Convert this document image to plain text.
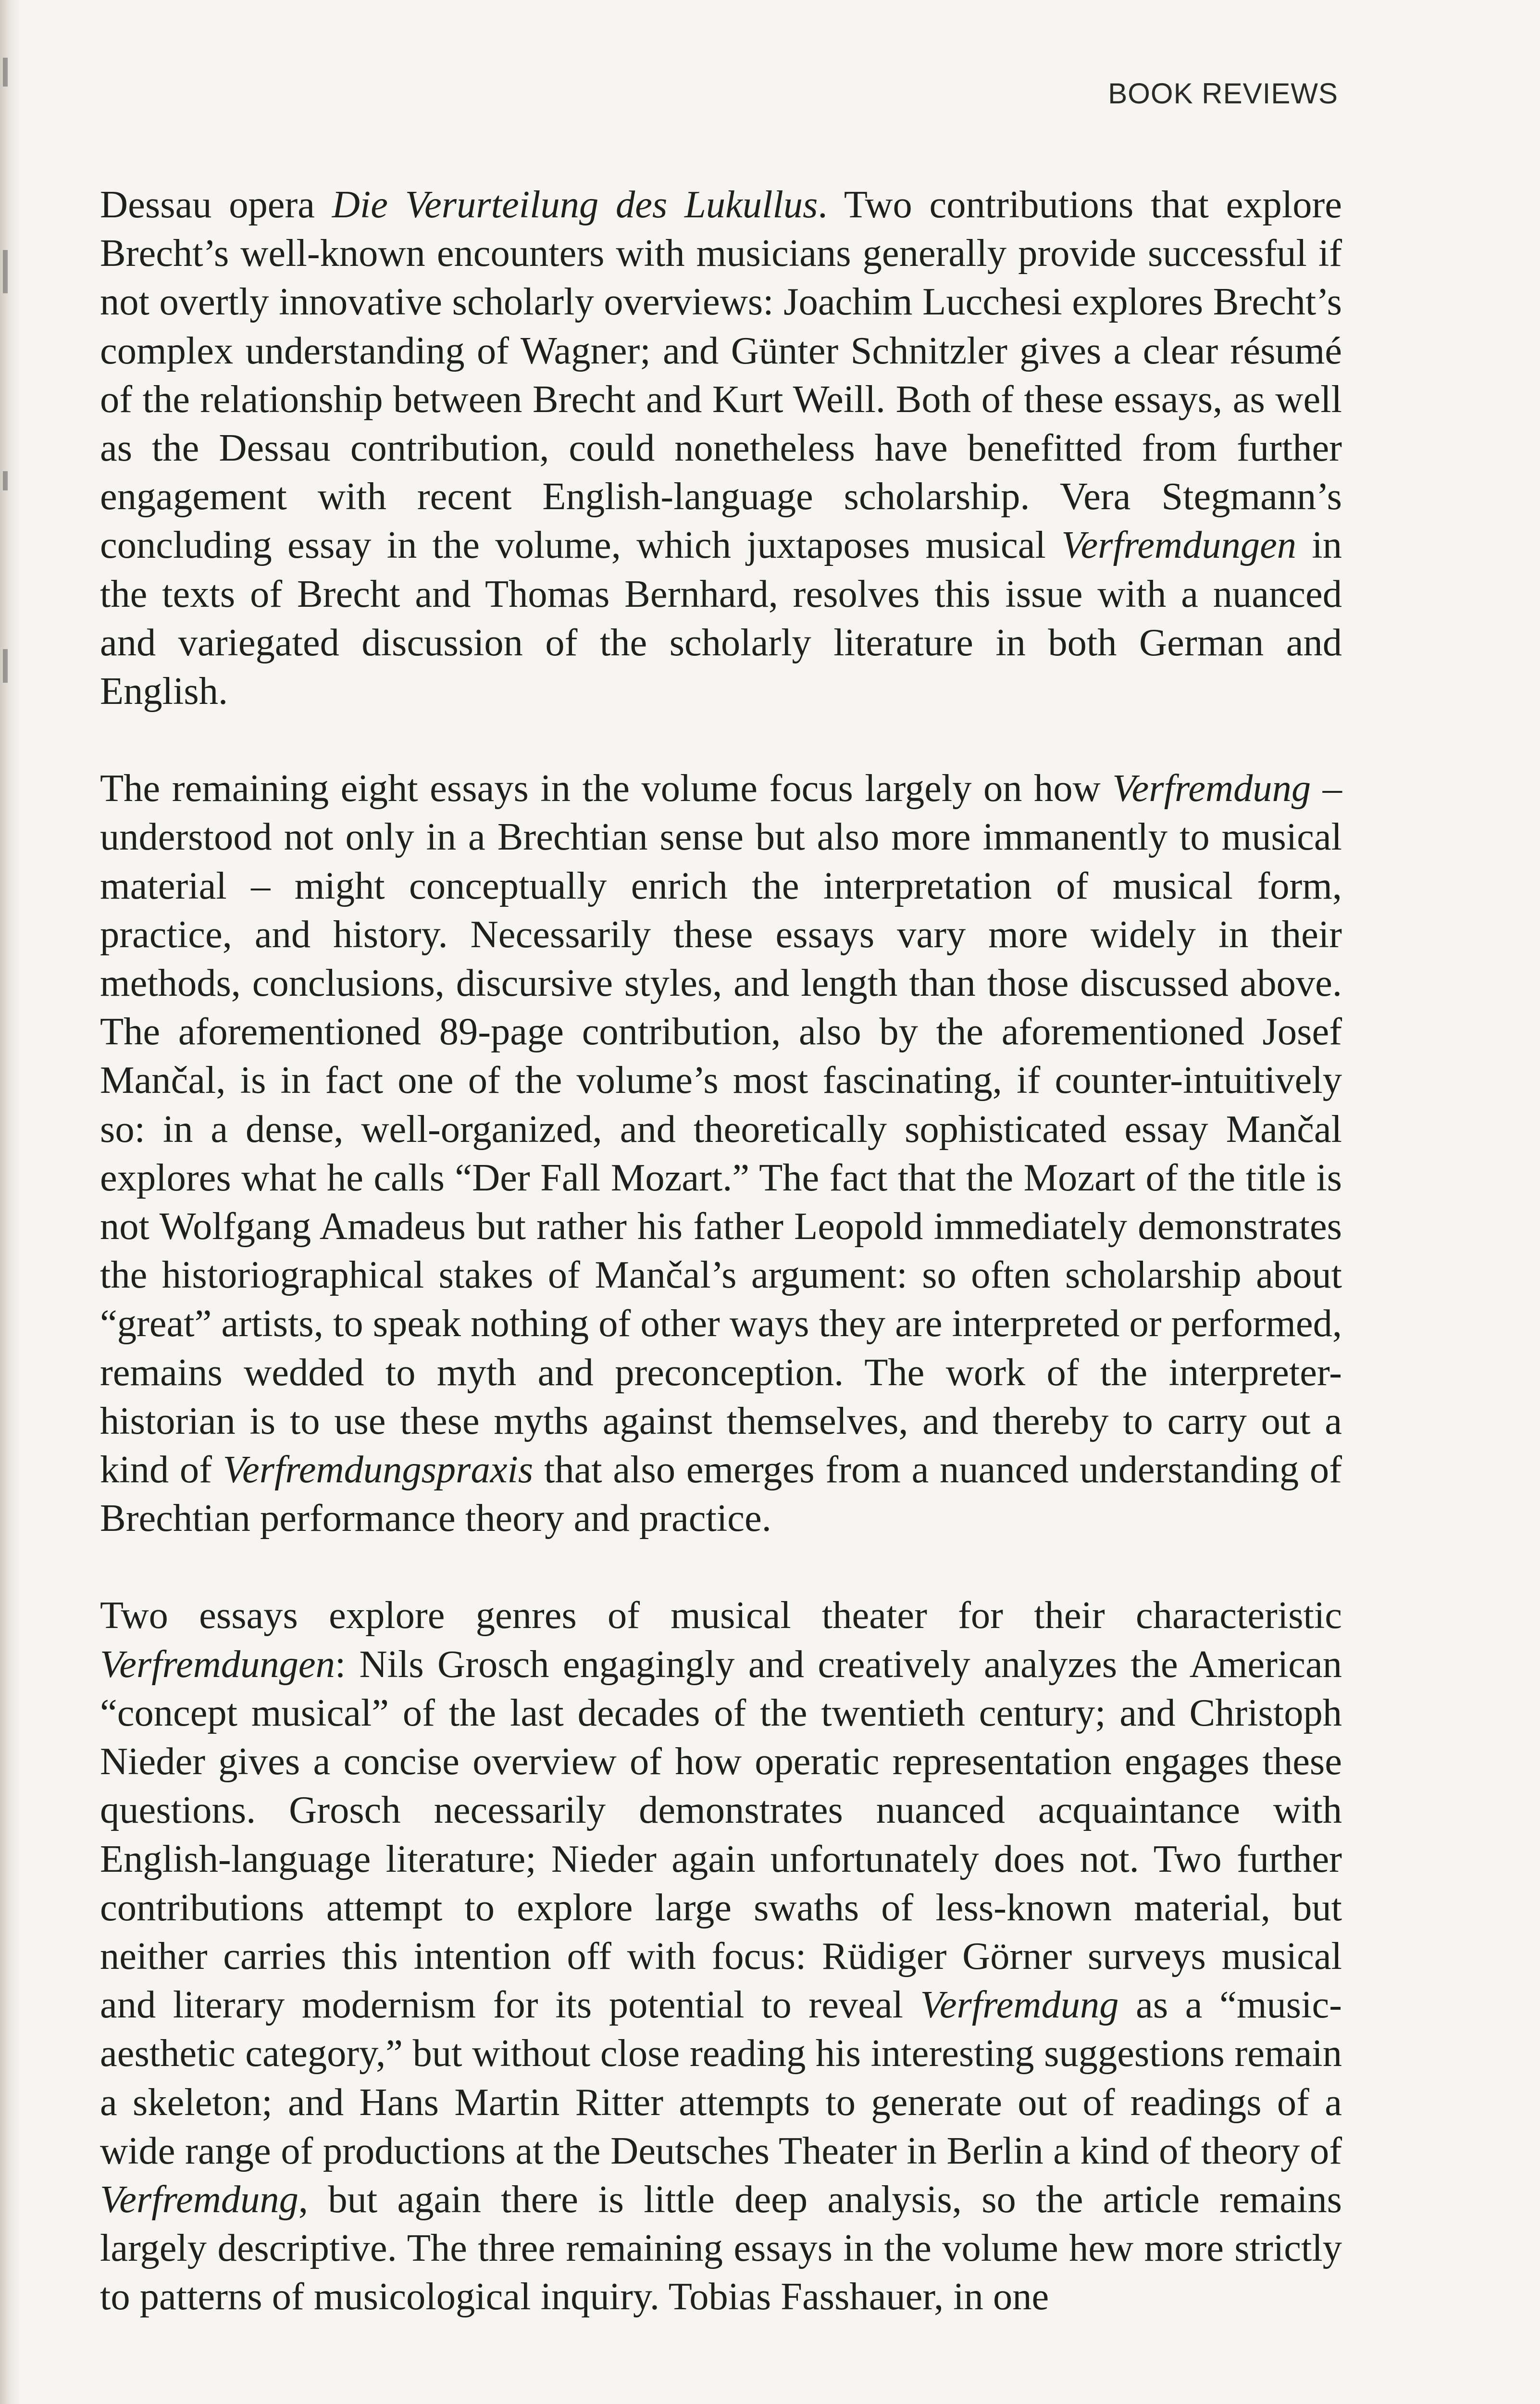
BOOK REVIEWS

Dessau opera Die Verurteilung des Lukullus. Two contributions that explore Brecht’s well-known encounters with musicians generally provide successful if not overtly innovative scholarly overviews: Joachim Lucchesi explores Brecht’s complex understanding of Wagner; and Günter Schnitzler gives a clear résumé of the relationship between Brecht and Kurt Weill. Both of these essays, as well as the Dessau contribution, could nonetheless have benefitted from further engagement with recent English-language scholarship. Vera Stegmann’s concluding essay in the volume, which juxtaposes musical Verfremdungen in the texts of Brecht and Thomas Bernhard, resolves this issue with a nuanced and variegated discussion of the scholarly literature in both German and English.

The remaining eight essays in the volume focus largely on how Verfremdung – understood not only in a Brechtian sense but also more immanently to musical material – might conceptually enrich the interpretation of musical form, practice, and history. Necessarily these essays vary more widely in their methods, conclusions, discursive styles, and length than those discussed above. The aforementioned 89-page contribution, also by the aforementioned Josef Mančal, is in fact one of the volume’s most fascinating, if counter-intuitively so: in a dense, well-organized, and theoretically sophisticated essay Mančal explores what he calls “Der Fall Mozart.” The fact that the Mozart of the title is not Wolfgang Amadeus but rather his father Leopold immediately demonstrates the historiographical stakes of Mančal’s argument: so often scholarship about “great” artists, to speak nothing of other ways they are interpreted or performed, remains wedded to myth and preconception. The work of the interpreter-historian is to use these myths against themselves, and thereby to carry out a kind of Verfremdungspraxis that also emerges from a nuanced understanding of Brechtian performance theory and practice.

Two essays explore genres of musical theater for their characteristic Verfremdungen: Nils Grosch engagingly and creatively analyzes the American “concept musical” of the last decades of the twentieth century; and Christoph Nieder gives a concise overview of how operatic representation engages these questions. Grosch necessarily demonstrates nuanced acquaintance with English-language literature; Nieder again unfortunately does not. Two further contributions attempt to explore large swaths of less-known material, but neither carries this intention off with focus: Rüdiger Görner surveys musical and literary modernism for its potential to reveal Verfremdung as a “music-aesthetic category,” but without close reading his interesting suggestions remain a skeleton; and Hans Martin Ritter attempts to generate out of readings of a wide range of productions at the Deutsches Theater in Berlin a kind of theory of Verfremdung, but again there is little deep analysis, so the article remains largely descriptive. The three remaining essays in the volume hew more strictly to patterns of musicological inquiry. Tobias Fasshauer, in one
